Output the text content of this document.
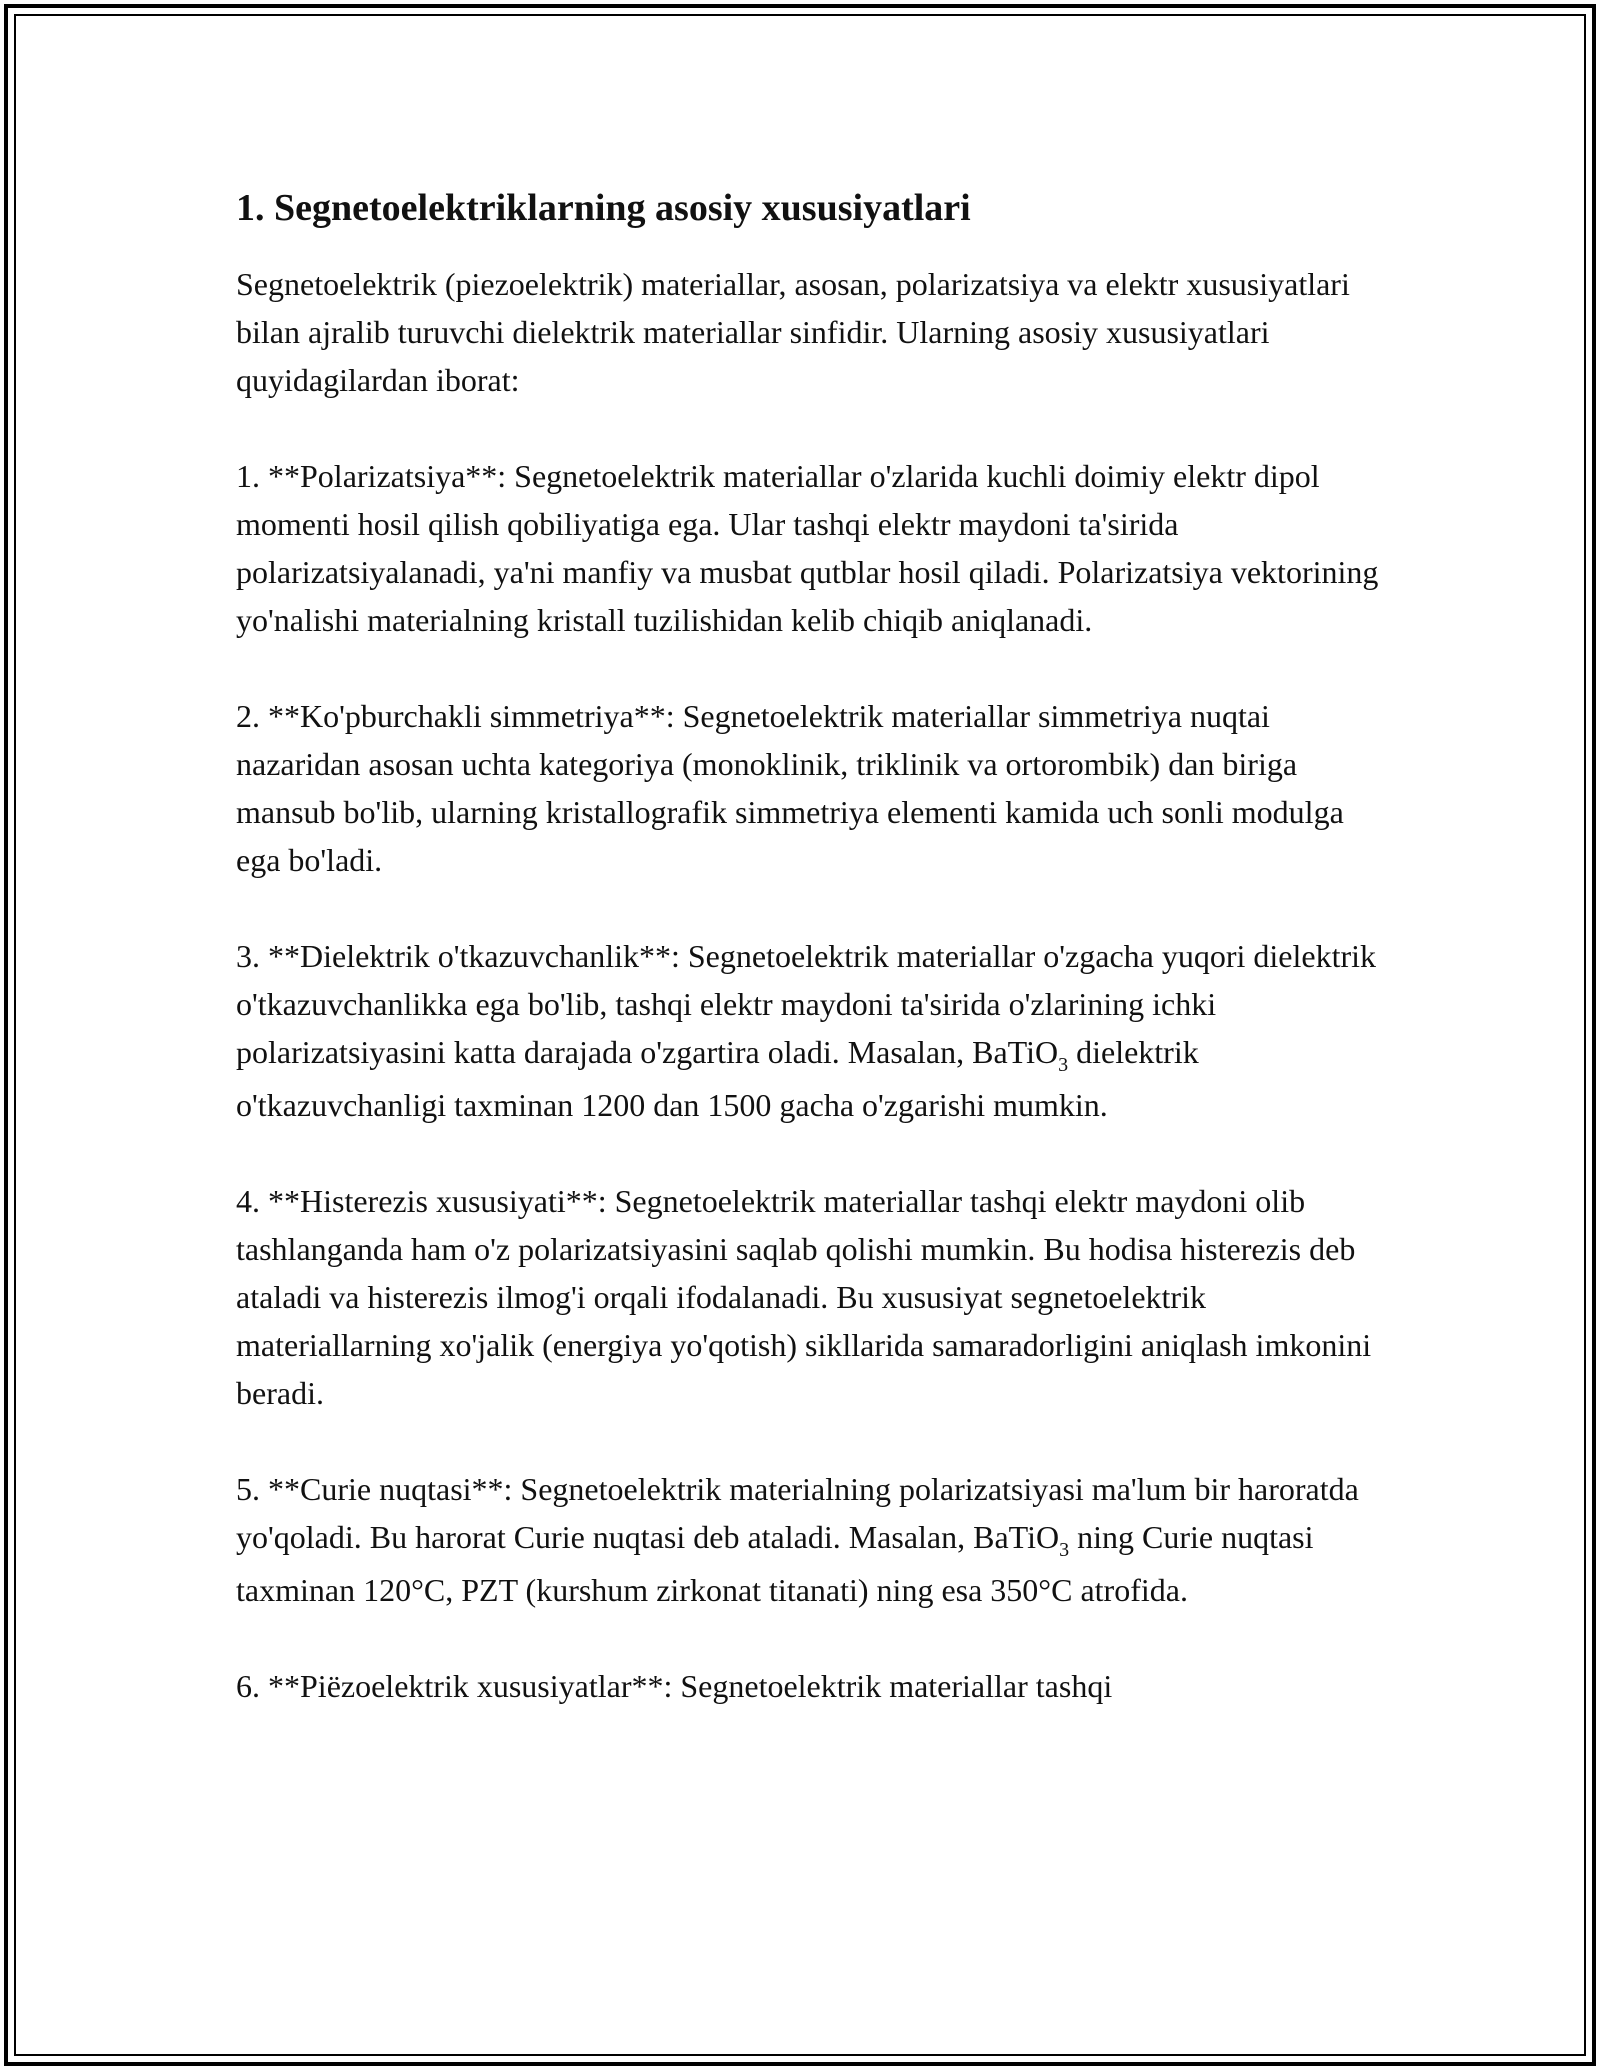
1. Segnetoelektriklarning asosiy xususiyatlari

Segnetoelektrik (piezoelektrik) materiallar, asosan, polarizatsiya va elektr xususiyatlari bilan ajralib turuvchi dielektrik materiallar sinfidir. Ularning asosiy xususiyatlari quyidagilardan iborat:

1. **Polarizatsiya**: Segnetoelektrik materiallar o'zlarida kuchli doimiy elektr dipol momenti hosil qilish qobiliyatiga ega. Ular tashqi elektr maydoni ta'sirida polarizatsiyalanadi, ya'ni manfiy va musbat qutblar hosil qiladi. Polarizatsiya vektorining yo'nalishi materialning kristall tuzilishidan kelib chiqib aniqlanadi.

2. **Ko'pburchakli simmetriya**: Segnetoelektrik materiallar simmetriya nuqtai nazaridan asosan uchta kategoriya (monoklinik, triklinik va ortorombik) dan biriga mansub bo'lib, ularning kristallografik simmetriya elementi kamida uch sonli modulga ega bo'ladi.

3. **Dielektrik o'tkazuvchanlik**: Segnetoelektrik materiallar o'zgacha yuqori dielektrik o'tkazuvchanlikka ega bo'lib, tashqi elektr maydoni ta'sirida o'zlarining ichki polarizatsiyasini katta darajada o'zgartira oladi. Masalan, BaTiO$_3$ dielektrik o'tkazuvchanligi taxminan 1200 dan 1500 gacha o'zgarishi mumkin.

4. **Histerezis xususiyati**: Segnetoelektrik materiallar tashqi elektr maydoni olib tashlanganda ham o'z polarizatsiyasini saqlab qolishi mumkin. Bu hodisa histerezis deb ataladi va histerezis ilmog'i orqali ifodalanadi. Bu xususiyat segnetoelektrik materiallarning xo'jalik (energiya yo'qotish) sikllarida samaradorligini aniqlash imkonini beradi.

5. **Curie nuqtasi**: Segnetoelektrik materialning polarizatsiyasi ma'lum bir haroratda yo'qoladi. Bu harorat Curie nuqtasi deb ataladi. Masalan, BaTiO$_3$ ning Curie nuqtasi taxminan 120°C, PZT (kurshum zirkonat titanati) ning esa 350°C atrofida.

6. **Piëzoelektrik xususiyatlar**: Segnetoelektrik materiallar tashqi
